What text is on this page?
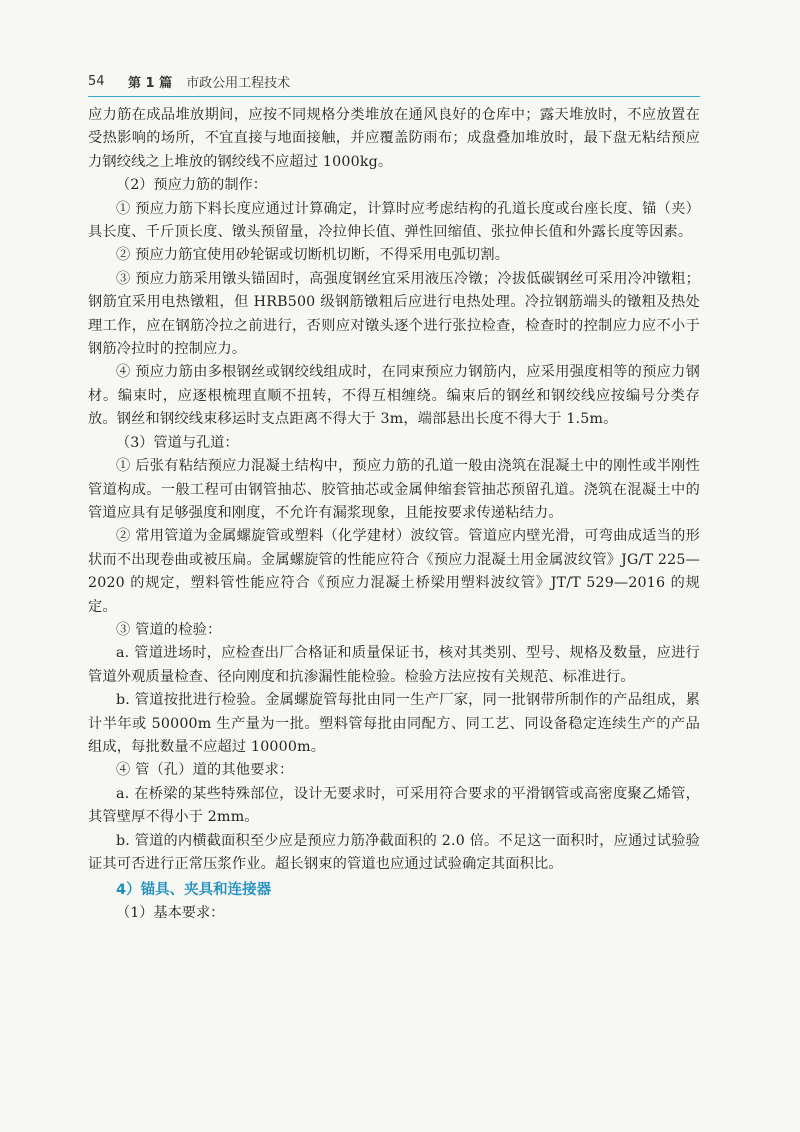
54	第 1 篇 市政公用工程技术

应力筋在成品堆放期间，应按不同规格分类堆放在通风良好的仓库中；露天堆放时，不应放置在受热影响的场所，不宜直接与地面接触，并应覆盖防雨布；成盘叠加堆放时，最下盘无粘结预应力钢绞线之上堆放的钢绞线不应超过 1000kg。

（2）预应力筋的制作：

① 预应力筋下料长度应通过计算确定，计算时应考虑结构的孔道长度或台座长度、锚（夹）具长度、千斤顶长度、镦头预留量，冷拉伸长值、弹性回缩值、张拉伸长值和外露长度等因素。

② 预应力筋宜使用砂轮锯或切断机切断，不得采用电弧切割。

③ 预应力筋采用镦头锚固时，高强度钢丝宜采用液压冷镦；冷拔低碳钢丝可采用冷冲镦粗；钢筋宜采用电热镦粗，但 HRB500 级钢筋镦粗后应进行电热处理。冷拉钢筋端头的镦粗及热处理工作，应在钢筋冷拉之前进行，否则应对镦头逐个进行张拉检查，检查时的控制应力应不小于钢筋冷拉时的控制应力。

④ 预应力筋由多根钢丝或钢绞线组成时，在同束预应力钢筋内，应采用强度相等的预应力钢材。编束时，应逐根梳理直顺不扭转，不得互相缠绕。编束后的钢丝和钢绞线应按编号分类存放。钢丝和钢绞线束移运时支点距离不得大于 3m，端部悬出长度不得大于 1.5m。

（3）管道与孔道：

① 后张有粘结预应力混凝土结构中，预应力筋的孔道一般由浇筑在混凝土中的刚性或半刚性管道构成。一般工程可由钢管抽芯、胶管抽芯或金属伸缩套管抽芯预留孔道。浇筑在混凝土中的管道应具有足够强度和刚度，不允许有漏浆现象，且能按要求传递粘结力。

② 常用管道为金属螺旋管或塑料（化学建材）波纹管。管道应内壁光滑，可弯曲成适当的形状而不出现卷曲或被压扁。金属螺旋管的性能应符合《预应力混凝土用金属波纹管》JG/T 225—2020 的规定，塑料管性能应符合《预应力混凝土桥梁用塑料波纹管》JT/T 529—2016 的规定。

③ 管道的检验：

a. 管道进场时，应检查出厂合格证和质量保证书，核对其类别、型号、规格及数量，应进行管道外观质量检查、径向刚度和抗渗漏性能检验。检验方法应按有关规范、标准进行。

b. 管道按批进行检验。金属螺旋管每批由同一生产厂家，同一批钢带所制作的产品组成，累计半年或 50000m 生产量为一批。塑料管每批由同配方、同工艺、同设备稳定连续生产的产品组成，每批数量不应超过 10000m。

④ 管（孔）道的其他要求：

a. 在桥梁的某些特殊部位，设计无要求时，可采用符合要求的平滑钢管或高密度聚乙烯管，其管壁厚不得小于 2mm。

b. 管道的内横截面积至少应是预应力筋净截面积的 2.0 倍。不足这一面积时，应通过试验验证其可否进行正常压浆作业。超长钢束的管道也应通过试验确定其面积比。

4）锚具、夹具和连接器

（1）基本要求：
